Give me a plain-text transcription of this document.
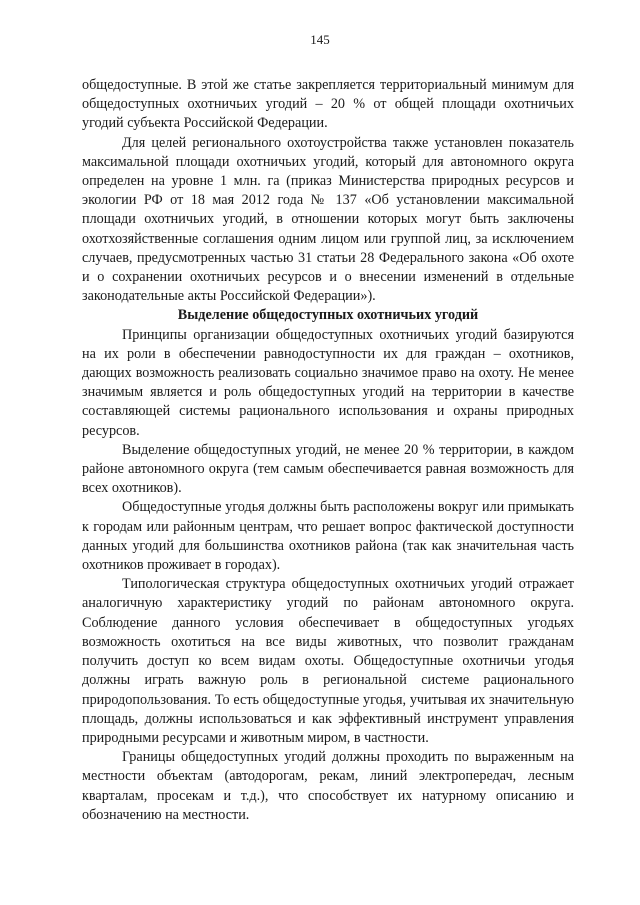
145

общедоступные. В этой же статье закрепляется территориальный минимум для общедоступных охотничьих угодий – 20 % от общей площади охотничьих угодий субъекта Российской Федерации.

Для целей регионального охотоустройства также установлен показатель максимальной площади охотничьих угодий, который для автономного округа определен на уровне 1 млн. га (приказ Министерства природных ресурсов и экологии РФ от 18 мая 2012 года № 137 «Об установлении максимальной площади охотничьих угодий, в отношении которых могут быть заключены охотхозяйственные соглашения одним лицом или группой лиц, за исключением случаев, предусмотренных частью 31 статьи 28 Федерального закона «Об охоте и о сохранении охотничьих ресурсов и о внесении изменений в отдельные законодательные акты Российской Федерации»).

Выделение общедоступных охотничьих угодий

Принципы организации общедоступных охотничьих угодий базируются на их роли в обеспечении равнодоступности их для граждан – охотников, дающих возможность реализовать социально значимое право на охоту. Не менее значимым является и роль общедоступных угодий на территории в качестве составляющей системы рационального использования и охраны природных ресурсов.

Выделение общедоступных угодий, не менее 20 % территории, в каждом районе автономного округа (тем самым обеспечивается равная возможность для всех охотников).

Общедоступные угодья должны быть расположены вокруг или примыкать к городам или районным центрам, что решает вопрос фактической доступности данных угодий для большинства охотников района (так как значительная часть охотников проживает в городах).

Типологическая структура общедоступных охотничьих угодий отражает аналогичную характеристику угодий по районам автономного округа. Соблюдение данного условия обеспечивает в общедоступных угодьях возможность охотиться на все виды животных, что позволит гражданам получить доступ ко всем видам охоты. Общедоступные охотничьи угодья должны играть важную роль в региональной системе рационального природопользования. То есть общедоступные угодья, учитывая их значительную площадь, должны использоваться и как эффективный инструмент управления природными ресурсами и животным миром, в частности.

Границы общедоступных угодий должны проходить по выраженным на местности объектам (автодорогам, рекам, линий электропередач, лесным кварталам, просекам и т.д.), что способствует их натурному описанию и обозначению на местности.
